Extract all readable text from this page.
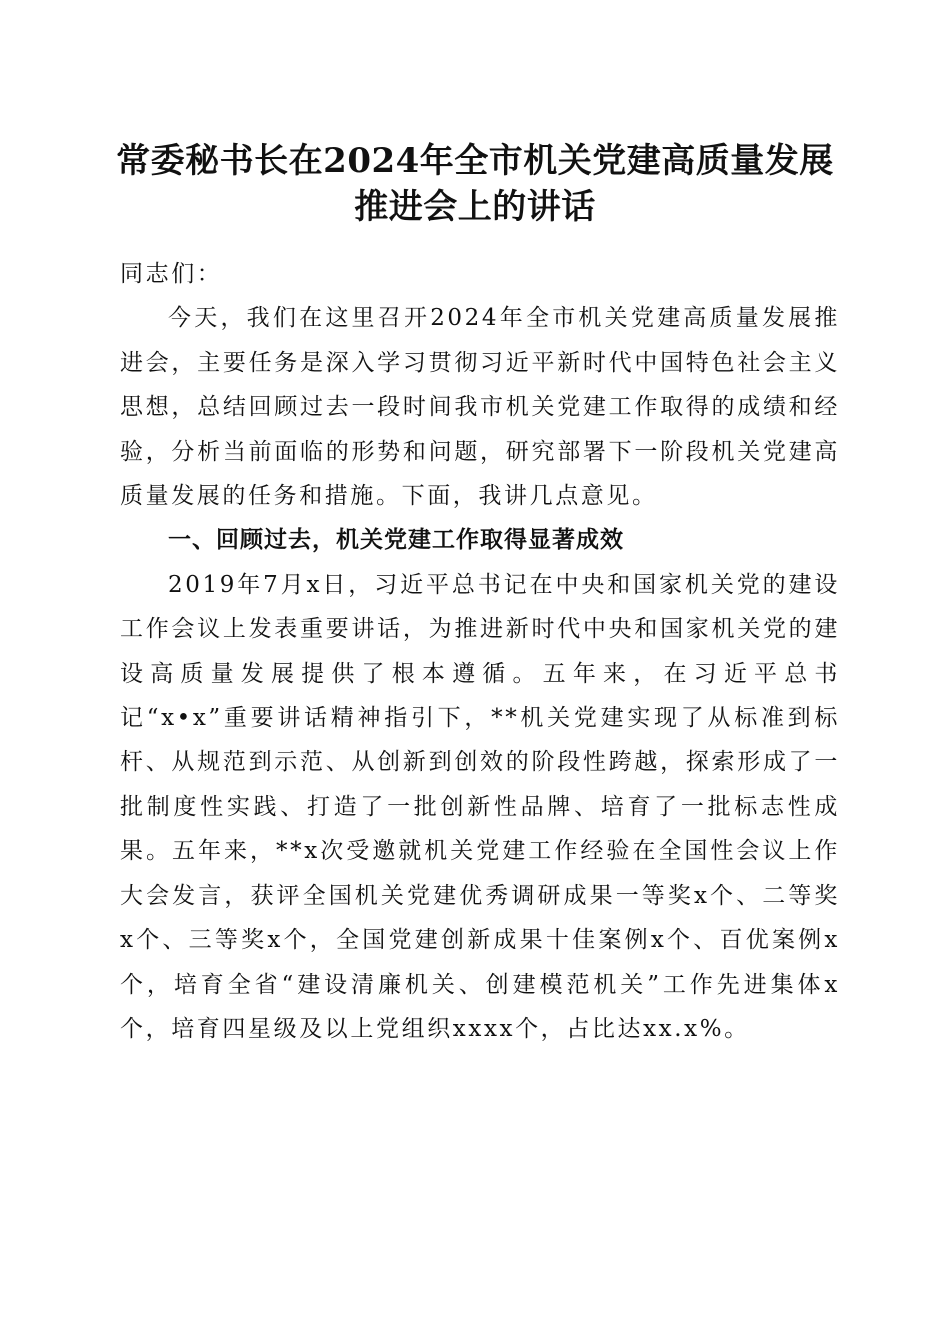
常委秘书长在2024年全市机关党建高质量发展推进会上的讲话

同志们：

今天，我们在这里召开2024年全市机关党建高质量发展推进会，主要任务是深入学习贯彻习近平新时代中国特色社会主义思想，总结回顾过去一段时间我市机关党建工作取得的成绩和经验，分析当前面临的形势和问题，研究部署下一阶段机关党建高质量发展的任务和措施。下面，我讲几点意见。

一、回顾过去，机关党建工作取得显著成效

2019年7月x日，习近平总书记在中央和国家机关党的建设工作会议上发表重要讲话，为推进新时代中央和国家机关党的建设高质量发展提供了根本遵循。五年来，在习近平总书记“x•x”重要讲话精神指引下，**机关党建实现了从标准到标杆、从规范到示范、从创新到创效的阶段性跨越，探索形成了一批制度性实践、打造了一批创新性品牌、培育了一批标志性成果。五年来，**x次受邀就机关党建工作经验在全国性会议上作大会发言，获评全国机关党建优秀调研成果一等奖x个、二等奖x个、三等奖x个，全国党建创新成果十佳案例x个、百优案例x个，培育全省“建设清廉机关、创建模范机关”工作先进集体x个，培育四星级及以上党组织xxxx个，占比达xx.x%。
